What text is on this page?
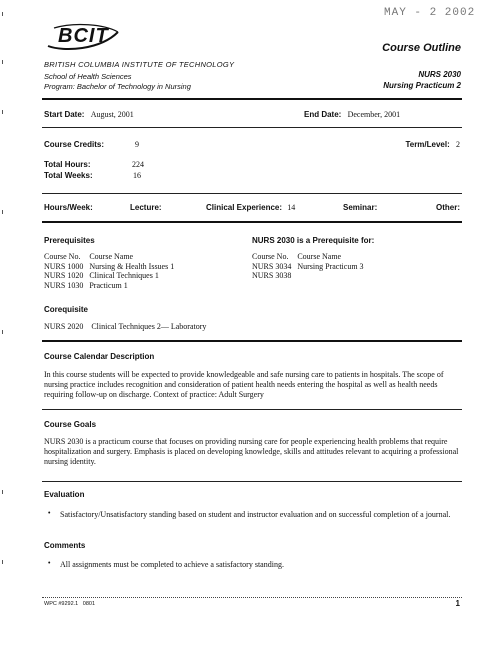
MAY - 2 2002
BCIT
BRITISH COLUMBIA INSTITUTE OF TECHNOLOGY
School of Health Sciences
Program: Bachelor of Technology in Nursing
Course Outline
NURS 2030
Nursing Practicum 2
Start Date: August, 2001	End Date: December, 2001
Course Credits:	9	Term/Level: 2
Total Hours:	224
Total Weeks:	16
Hours/Week:	Lecture:	Clinical Experience: 14	Seminar:	Other:
Prerequisites
Course No.	Course Name
NURS 1000	Nursing & Health Issues 1
NURS 1020	Clinical Techniques 1
NURS 1030	Practicum 1
NURS 2030 is a Prerequisite for:
Course No.	Course Name
NURS 3034	Nursing Practicum 3
NURS 3038	
Corequisite
NURS 2020 Clinical Techniques 2— Laboratory
Course Calendar Description
In this course students will be expected to provide knowledgeable and safe nursing care to patients in hospitals. The scope of nursing practice includes recognition and consideration of patient health needs entering the hospital as well as health needs requiring follow-up on discharge. Context of practice: Adult Surgery
Course Goals
NURS 2030 is a practicum course that focuses on providing nursing care for people experiencing health problems that require hospitalization and surgery. Emphasis is placed on developing knowledge, skills and attitudes relevant to acquiring a professional nursing identity.
Evaluation
• Satisfactory/Unsatisfactory standing based on student and instructor evaluation and on successful completion of a journal.
Comments
• All assignments must be completed to achieve a satisfactory standing.
WPC #9292.1 0801	1
